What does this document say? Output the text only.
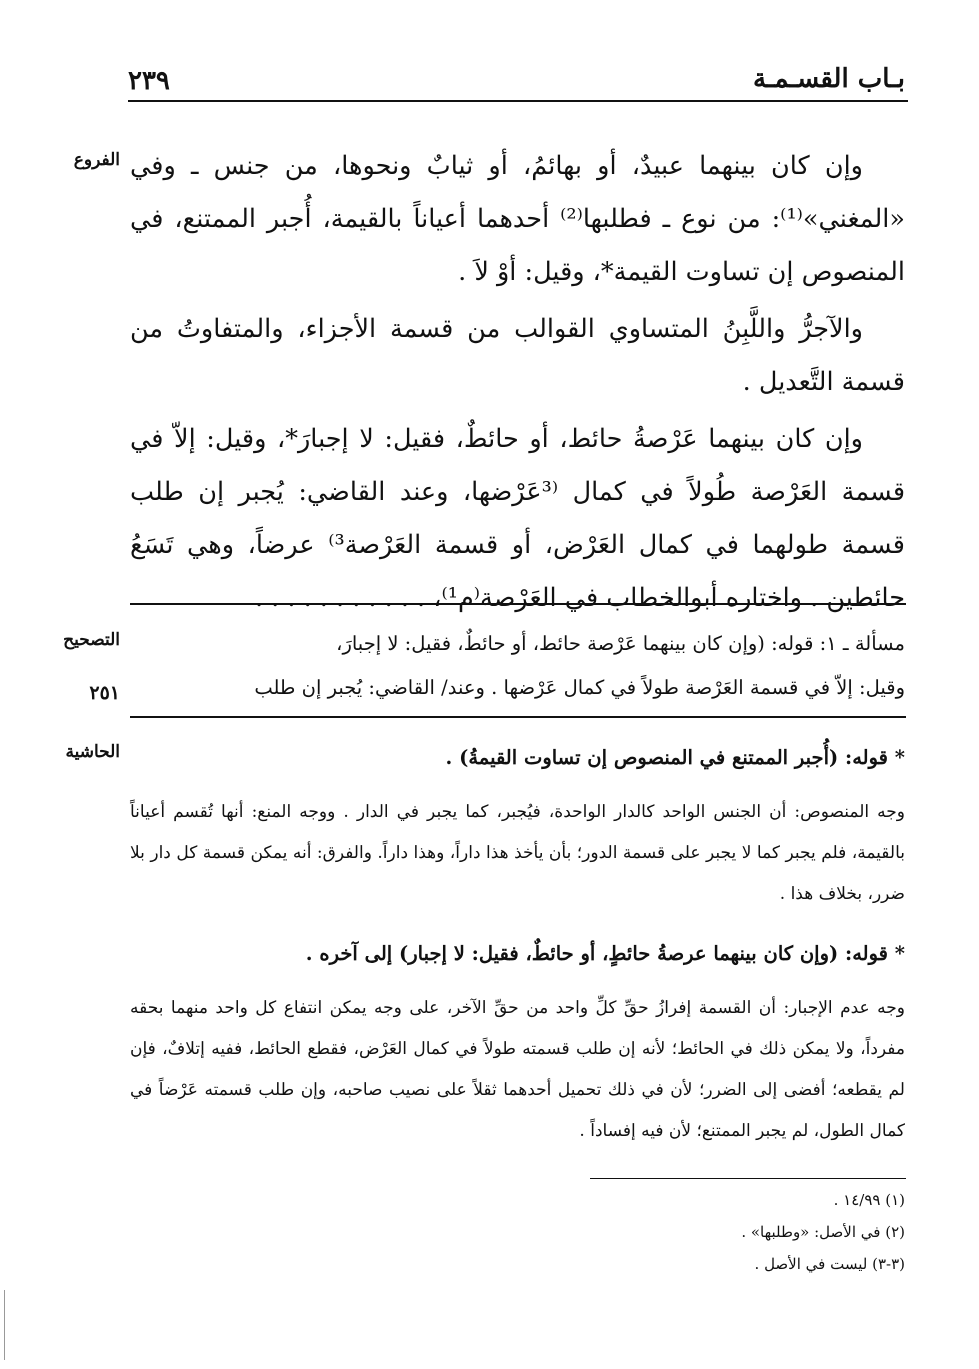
بـاب القسـمـة
٢٣٩
الفروع
التصحيح
٢٥١
الحاشية

وإن كان بينهما عبيدٌ، أو بهائمُ، أو ثيابٌ ونحوها، من جنس ـ وفي «المغني»⁽¹⁾: من نوع ـ فطلبها⁽²⁾ أحدهما أعياناً بالقيمة، أُجبر الممتنع، في المنصوص إن تساوت القيمة*، وقيل: أوْ لاَ .

والآجرُّ واللَّبِنُ المتساوي القوالب من قسمة الأجزاء، والمتفاوتُ من قسمة التَّعديل .

وإن كان بينهما عَرْصةُ حائط، أو حائطٌ، فقيل: لا إجبارَ*، وقيل: إلاّ في قسمة العَرْصة طُولاً في كمال ⁽³عَرْضها، وعند القاضي: يُجبر إن طلب قسمة طولهما في كمال العَرْض، أو قسمة العَرْصة³⁾ عرضاً، وهي تَسَعُ حائطين . واختاره أبوالخطاب في العَرْصة⁽م¹⁾، . . . . . . . . . . .

مسألة ـ ١: قوله: (وإن كان بينهما عَرْصة حائط، أو حائطٌ، فقيل: لا إجبارَ،

وقيل: إلاّ في قسمة العَرْصة طولاً في كمال عَرْضها . وعند/ القاضي: يُجبر إن طلب

* قوله: (أُجبر الممتنع في المنصوص إن تساوت القيمةُ) .
وجه المنصوص: أن الجنس الواحد كالدار الواحدة، فيُجبر، كما يجبر في الدار . ووجه المنع: أنها تُقسم أعياناً بالقيمة، فلم يجبر كما لا يجبر على قسمة الدور؛ بأن يأخذ هذا داراً، وهذا داراً. والفرق: أنه يمكن قسمة كل دار بلا ضرر، بخلاف هذا .
* قوله: (وإن كان بينهما عرصةُ حائطٍ، أو حائطٌ، فقيل: لا إجبار) إلى آخره .
وجه عدم الإجبار: أن القسمة إفرازُ حقِّ كلِّ واحد من حقِّ الآخر، على وجه يمكن انتفاع كل واحد منهما بحقه مفرداً، ولا يمكن ذلك في الحائط؛ لأنه إن طلب قسمته طولاً في كمال العَرْض، فقطع الحائط، ففيه إتلافٌ، فإن لم يقطعه؛ أفضى إلى الضرر؛ لأن في ذلك تحميل أحدهما ثقلاً على نصيب صاحبه، وإن طلب قسمته عَرْضاً في كمال الطول، لم يجبر الممتنع؛ لأن فيه إفساداً .
(١) ١٤/٩٩ .
(٢) في الأصل: «وطلبها» .
(٣-٣) ليست في الأصل .
